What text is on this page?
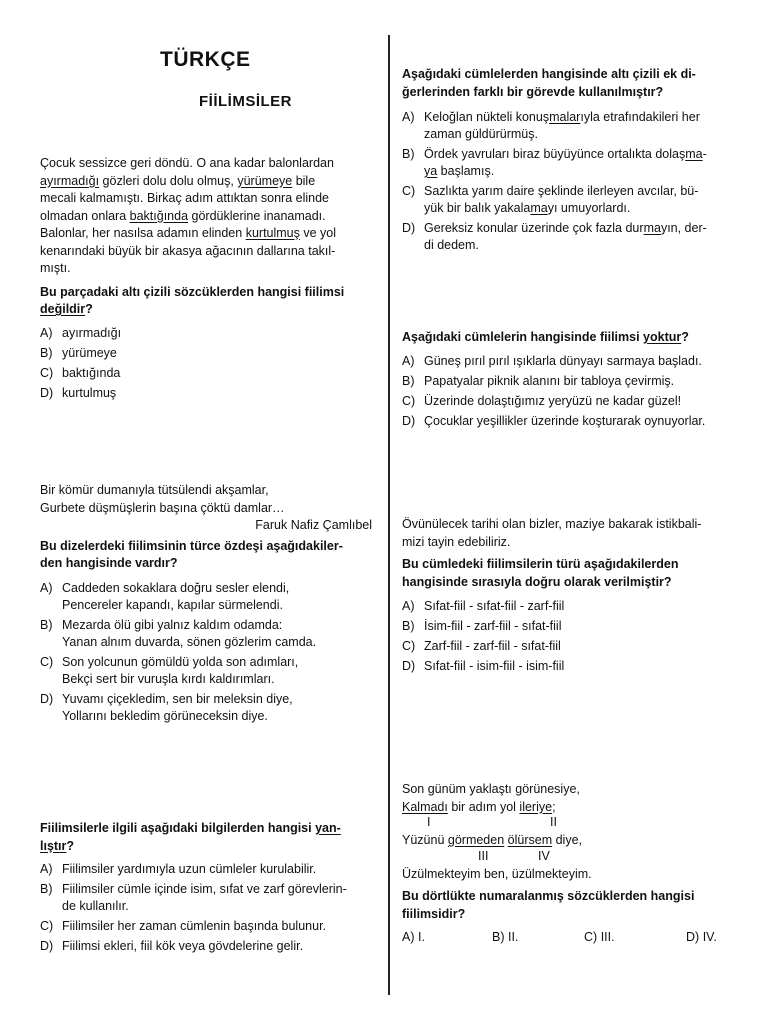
TÜRKÇE
FİİLİMSİLER

Çocuk sessizce geri döndü. O ana kadar balonlardan

ayırmadığı gözleri dolu dolu olmuş, yürümeye bile

mecali kalmamıştı. Birkaç adım attıktan sonra elinde

olmadan onlara baktığında gördüklerine inanamadı.

Balonlar, her nasılsa adamın elinden kurtulmuş ve yol

kenarındaki büyük bir akasya ağacının dallarına takıl-

mıştı.

Bu parçadaki altı çizili sözcüklerden hangisi fiilimsi
değildir?

A) ayırmadığı

B) yürümeye

C) baktığında

D) kurtulmuş

Bir kömür dumanıyla tütsülendi akşamlar,

Gurbete düşmüşlerin başına çöktü damlar…

Faruk Nafiz Çamlıbel

Bu dizelerdeki fiilimsinin türce özdeşi aşağıdakiler-
den hangisinde vardır?

A) Caddeden sokaklara doğru sesler elendi,
Pencereler kapandı, kapılar sürmelendi.

B) Mezarda ölü gibi yalnız kaldım odamda:
Yanan alnım duvarda, sönen gözlerim camda.

C) Son yolcunun gömüldü yolda son adımları,
Bekçi sert bir vuruşla kırdı kaldırımları.

D) Yuvamı çiçekledim, sen bir meleksin diye,
Yollarını bekledim görüneceksin diye.

Fiilimsilerle ilgili aşağıdaki bilgilerden hangisi yan-
lıştır?

A) Fiilimsiler yardımıyla uzun cümleler kurulabilir.

B) Fiilimsiler cümle içinde isim, sıfat ve zarf görevlerin-
de kullanılır.

C) Fiilimsiler her zaman cümlenin başında bulunur.

D) Fiilimsi ekleri, fiil kök veya gövdelerine gelir.

Aşağıdaki cümlelerden hangisinde altı çizili ek di-
ğerlerinden farklı bir görevde kullanılmıştır?

A) Keloğlan nükteli konuşmalarıyla etrafındakileri her
zaman güldürürmüş.

B) Ördek yavruları biraz büyüyünce ortalıkta dolaşma-
ya başlamış.

C) Sazlıkta yarım daire şeklinde ilerleyen avcılar, bü-
yük bir balık yakalamayı umuyorlardı.

D) Gereksiz konular üzerinde çok fazla durmayın, der-
di dedem.

Aşağıdaki cümlelerin hangisinde fiilimsi yoktur?

A) Güneş pırıl pırıl ışıklarla dünyayı sarmaya başladı.

B) Papatyalar piknik alanını bir tabloya çevirmiş.

C) Üzerinde dolaştığımız yeryüzü ne kadar güzel!

D) Çocuklar yeşillikler üzerinde koşturarak oynuyorlar.

Övünülecek tarihi olan bizler, maziye bakarak istikbali-
mizi tayin edebiliriz.

Bu cümledeki fiilimsilerin türü aşağıdakilerden
hangisinde sırasıyla doğru olarak verilmiştir?

A) Sıfat-fiil - sıfat-fiil - zarf-fiil

B) İsim-fiil - zarf-fiil - sıfat-fiil

C) Zarf-fiil - zarf-fiil - sıfat-fiil

D) Sıfat-fiil - isim-fiil - isim-fiil

Son günüm yaklaştı görünesiye,

Kalmadı bir adım yol ileriye;

I	II

Yüzünü görmeden ölürsem diye,

III	IV

Üzülmekteyim ben, üzülmekteyim.

Bu dörtlükte numaralanmış sözcüklerden hangisi
fiilimsidir?

A) I.	B) II.	C) III.	D) IV.
